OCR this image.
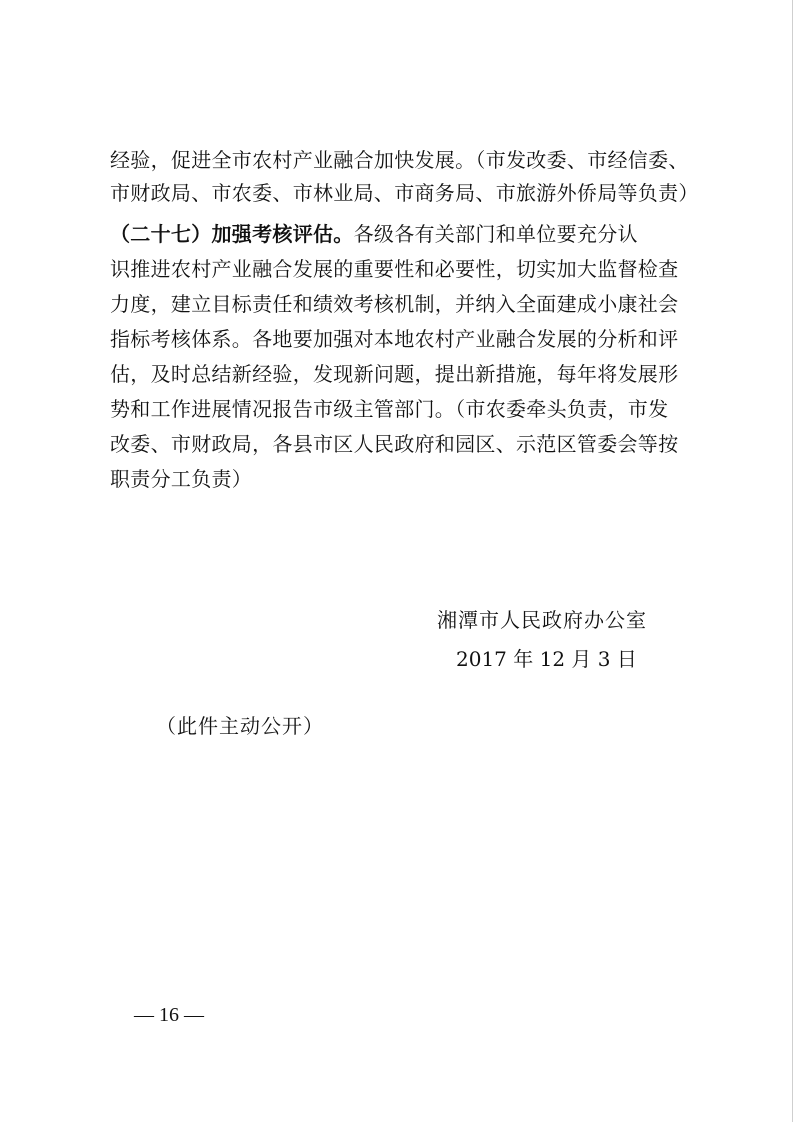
经验，促进全市农村产业融合加快发展。（市发改委、市经信委、
市财政局、市农委、市林业局、市商务局、市旅游外侨局等负责）
（二十七）加强考核评估。各级各有关部门和单位要充分认
识推进农村产业融合发展的重要性和必要性，切实加大监督检查
力度，建立目标责任和绩效考核机制，并纳入全面建成小康社会
指标考核体系。各地要加强对本地农村产业融合发展的分析和评
估，及时总结新经验，发现新问题，提出新措施，每年将发展形
势和工作进展情况报告市级主管部门。（市农委牵头负责，市发
改委、市财政局，各县市区人民政府和园区、示范区管委会等按
职责分工负责）
湘潭市人民政府办公室
2017 年 12 月 3 日
（此件主动公开）
— 16 —
